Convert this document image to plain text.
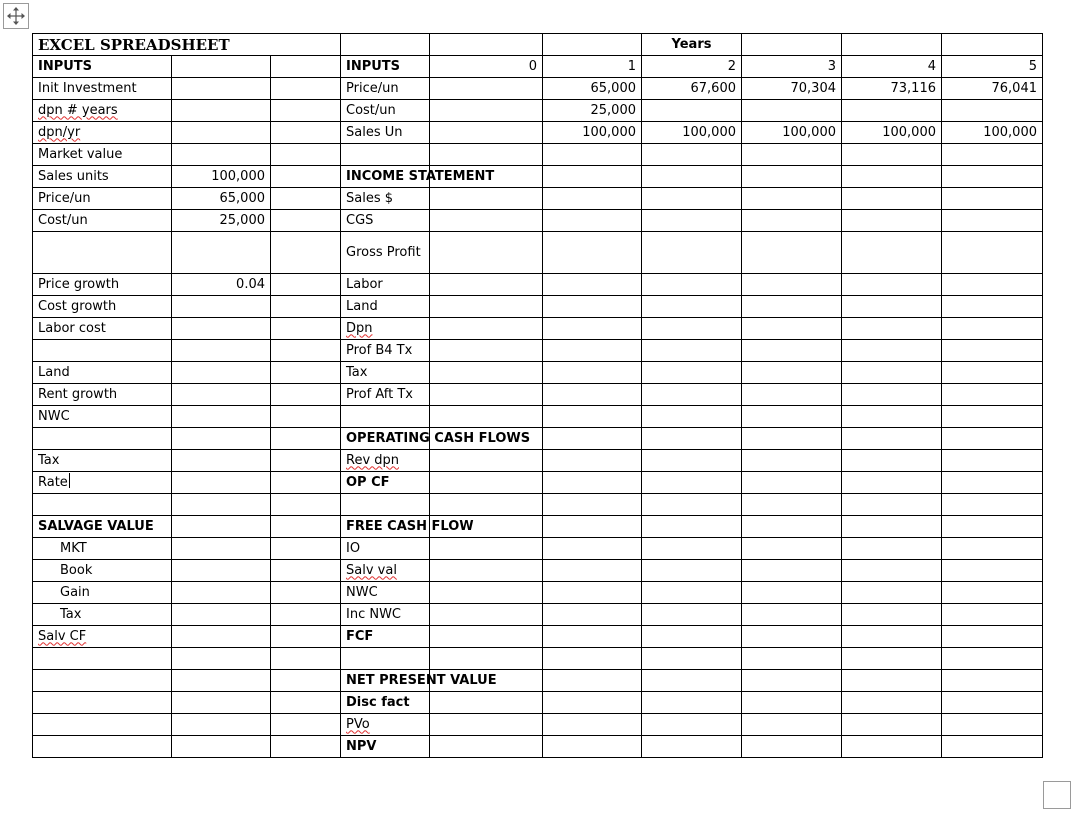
EXCEL SPREADSHEET						Years			
INPUTS			INPUTS	0	1	2	3	4	5
Init Investment			Price/un		65,000	67,600	70,304	73,116	76,041
dpn # years			Cost/un		25,000				
dpn/yr			Sales Un		100,000	100,000	100,000	100,000	100,000
Market value									
Sales units	100,000		INCOME STATEMENT						
Price/un	65,000		Sales $						
Cost/un	25,000		CGS						
			Gross Profit						
Price growth	0.04		Labor						
Cost growth			Land						
Labor cost			Dpn						
			Prof B4 Tx						
Land			Tax						
Rent growth			Prof Aft Tx						
NWC									
			OPERATING CASH FLOWS						
Tax			Rev dpn						
Rate			OP CF						

SALVAGE VALUE			FREE CASH FLOW						
MKT			IO						
Book			Salv val						
Gain			NWC						
Tax			Inc NWC						
Salv CF			FCF						

			NET PRESENT VALUE						
			Disc fact						
			PVo						
			NPV						
